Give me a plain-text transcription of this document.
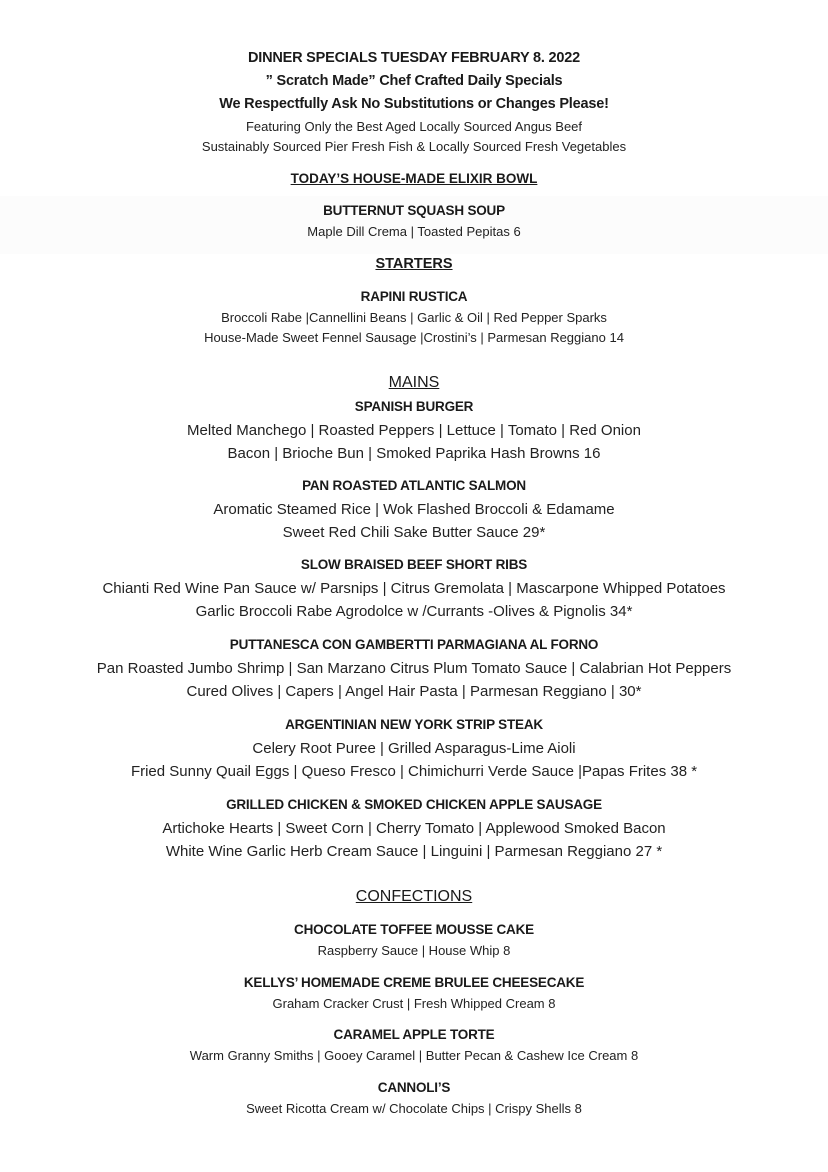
DINNER SPECIALS TUESDAY FEBRUARY 8. 2022
” Scratch Made” Chef Crafted Daily Specials
We Respectfully Ask No Substitutions or Changes Please!
Featuring Only the Best Aged Locally Sourced Angus Beef
Sustainably Sourced Pier Fresh Fish & Locally Sourced Fresh Vegetables
TODAY’S HOUSE-MADE ELIXIR BOWL
BUTTERNUT SQUASH SOUP
Maple Dill Crema | Toasted Pepitas 6
STARTERS
RAPINI RUSTICA
Broccoli Rabe |Cannellini Beans | Garlic & Oil | Red Pepper Sparks
House-Made Sweet Fennel Sausage |Crostini’s | Parmesan Reggiano 14
MAINS
SPANISH BURGER
Melted Manchego | Roasted Peppers | Lettuce | Tomato | Red Onion
Bacon | Brioche Bun | Smoked Paprika Hash Browns 16
PAN ROASTED ATLANTIC SALMON
Aromatic Steamed Rice | Wok Flashed Broccoli & Edamame
Sweet Red Chili Sake Butter Sauce 29*
SLOW BRAISED BEEF SHORT RIBS
Chianti Red Wine Pan Sauce w/ Parsnips | Citrus Gremolata | Mascarpone Whipped Potatoes
Garlic Broccoli Rabe Agrodolce w /Currants -Olives & Pignolis 34*
PUTTANESCA CON GAMBERTTI PARMAGIANA AL FORNO
Pan Roasted Jumbo Shrimp | San Marzano Citrus Plum Tomato Sauce | Calabrian Hot Peppers
Cured Olives | Capers | Angel Hair Pasta | Parmesan Reggiano | 30*
ARGENTINIAN NEW YORK STRIP STEAK
Celery Root Puree | Grilled Asparagus-Lime Aioli
Fried Sunny Quail Eggs | Queso Fresco | Chimichurri Verde Sauce |Papas Frites 38 *
GRILLED CHICKEN & SMOKED CHICKEN APPLE SAUSAGE
Artichoke Hearts | Sweet Corn | Cherry Tomato | Applewood Smoked Bacon
White Wine Garlic Herb Cream Sauce | Linguini | Parmesan Reggiano 27 *
CONFECTIONS
CHOCOLATE TOFFEE MOUSSE CAKE
Raspberry Sauce | House Whip 8
KELLYS’ HOMEMADE CREME BRULEE CHEESECAKE
Graham Cracker Crust | Fresh Whipped Cream 8
CARAMEL APPLE TORTE
Warm Granny Smiths | Gooey Caramel | Butter Pecan & Cashew Ice Cream 8
CANNOLI’S
Sweet Ricotta Cream w/ Chocolate Chips | Crispy Shells 8
